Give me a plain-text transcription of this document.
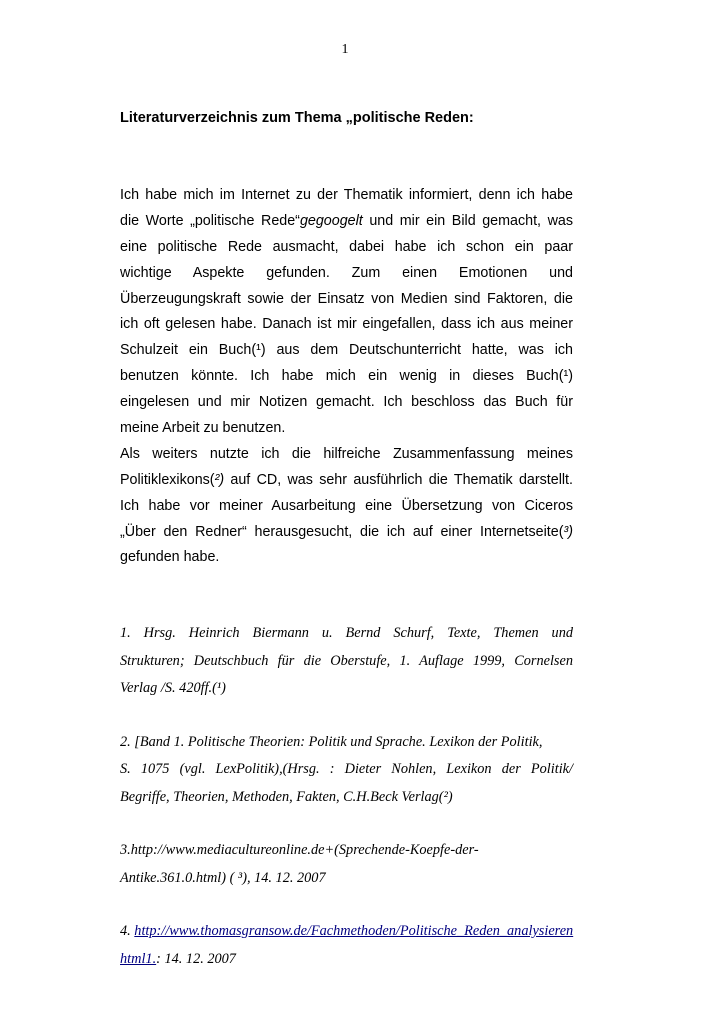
1
Literaturverzeichnis zum Thema „politische Reden:
Ich habe mich im Internet zu der Thematik informiert, denn ich habe
die Worte „politische Rede“gegoogelt und mir ein Bild gemacht, was
eine politische Rede ausmacht, dabei habe ich schon ein paar
wichtige Aspekte gefunden. Zum einen Emotionen und
Überzeugungskraft sowie der Einsatz von Medien sind Faktoren, die
ich oft gelesen habe. Danach ist mir eingefallen, dass ich aus meiner
Schulzeit ein Buch(¹) aus dem Deutschunterricht hatte, was ich
benutzen könnte. Ich habe mich ein wenig in dieses Buch(¹)
eingelesen und mir Notizen gemacht. Ich beschloss das Buch für
meine Arbeit zu benutzen.
Als weiters nutzte ich die hilfreiche Zusammenfassung meines
Politiklexikons(²) auf CD, was sehr ausführlich die Thematik darstellt.
Ich habe vor meiner Ausarbeitung eine Übersetzung von Ciceros
„Über den Redner“ herausgesucht, die ich auf einer Internetseite(³)
gefunden habe.
1. Hrsg. Heinrich Biermann u. Bernd Schurf, Texte, Themen und
Strukturen; Deutschbuch für die Oberstufe, 1. Auflage 1999, Cornelsen
Verlag /S. 420ff.(¹)
2. [Band 1. Politische Theorien: Politik und Sprache. Lexikon der Politik,
S. 1075 (vgl. LexPolitik),(Hrsg. : Dieter Nohlen, Lexikon der Politik/
Begriffe, Theorien, Methoden, Fakten, C.H.Beck Verlag(²)
3.http://www.mediacultureonline.de+(Sprechende-Koepfe-der-
Antike.361.0.html) ( ³), 14. 12. 2007
4. http://www.thomasgransow.de/Fachmethoden/Politische_Reden_analysieren
html1.: 14. 12. 2007
